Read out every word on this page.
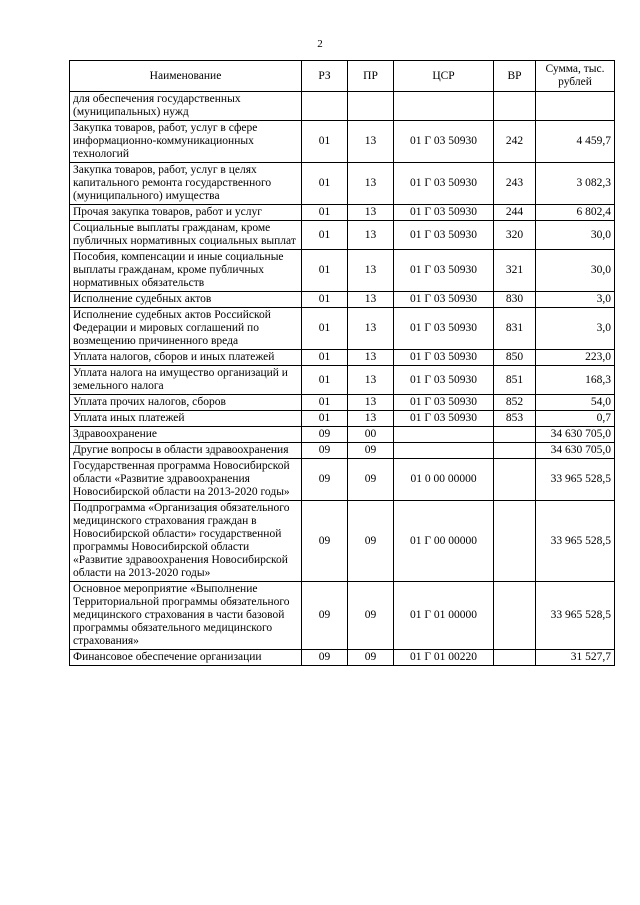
2
Наименование	РЗ	ПР	ЦСР	ВР	Сумма, тыс. рублей
для обеспечения государственных (муниципальных) нужд					
Закупка товаров, работ, услуг в сфере информационно-коммуникационных технологий	01	13	01 Г 03 50930	242	4 459,7
Закупка товаров, работ, услуг в целях капитального ремонта государственного (муниципального) имущества	01	13	01 Г 03 50930	243	3 082,3
Прочая закупка товаров, работ и услуг	01	13	01 Г 03 50930	244	6 802,4
Социальные выплаты гражданам, кроме публичных нормативных социальных выплат	01	13	01 Г 03 50930	320	30,0
Пособия, компенсации и иные социальные выплаты гражданам, кроме публичных нормативных обязательств	01	13	01 Г 03 50930	321	30,0
Исполнение судебных актов	01	13	01 Г 03 50930	830	3,0
Исполнение судебных актов Российской Федерации и мировых соглашений по возмещению причиненного вреда	01	13	01 Г 03 50930	831	3,0
Уплата налогов, сборов и иных платежей	01	13	01 Г 03 50930	850	223,0
Уплата налога на имущество организаций и земельного налога	01	13	01 Г 03 50930	851	168,3
Уплата прочих налогов, сборов	01	13	01 Г 03 50930	852	54,0
Уплата иных платежей	01	13	01 Г 03 50930	853	0,7
Здравоохранение	09	00			34 630 705,0
Другие вопросы в области здравоохранения	09	09			34 630 705,0
Государственная программа Новосибирской области «Развитие здравоохранения Новосибирской области на 2013-2020 годы»	09	09	01 0 00 00000		33 965 528,5
Подпрограмма «Организация обязательного медицинского страхования граждан в Новосибирской области» государственной программы Новосибирской области «Развитие здравоохранения Новосибирской области на 2013-2020 годы»	09	09	01 Г 00 00000		33 965 528,5
Основное мероприятие «Выполнение Территориальной программы обязательного медицинского страхования в части базовой программы обязательного медицинского страхования»	09	09	01 Г 01 00000		33 965 528,5
Финансовое обеспечение организации	09	09	01 Г 01 00220		31 527,7
